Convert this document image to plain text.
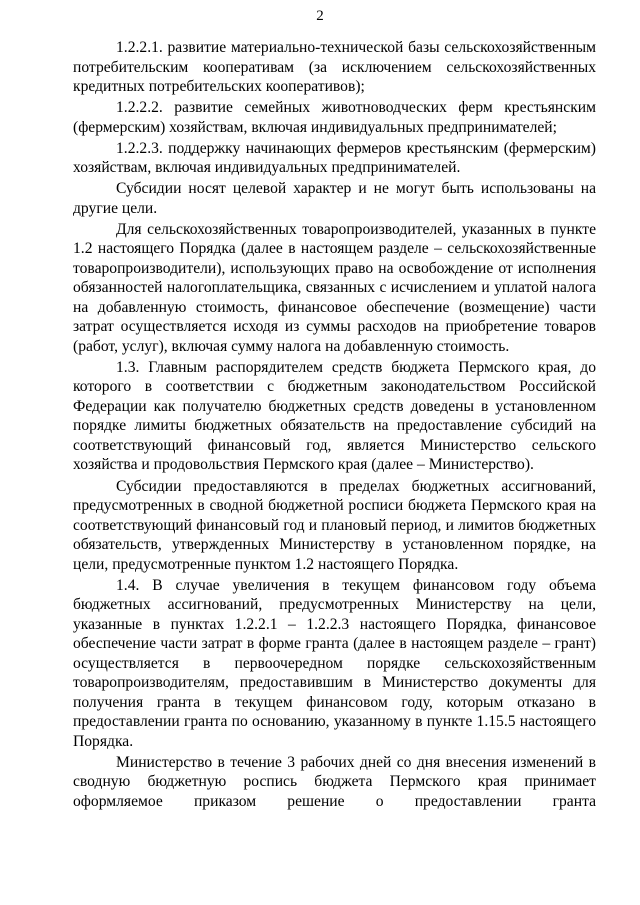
2

1.2.2.1. развитие материально-технической базы сельскохозяйственным потребительским кооперативам (за исключением сельскохозяйственных кредитных потребительских кооперативов);

1.2.2.2. развитие семейных животноводческих ферм крестьянским (фермерским) хозяйствам, включая индивидуальных предпринимателей;

1.2.2.3. поддержку начинающих фермеров крестьянским (фермерским) хозяйствам, включая индивидуальных предпринимателей.

Субсидии носят целевой характер и не могут быть использованы на другие цели.

Для сельскохозяйственных товаропроизводителей, указанных в пункте 1.2 настоящего Порядка (далее в настоящем разделе – сельскохозяйственные товаропроизводители), использующих право на освобождение от исполнения обязанностей налогоплательщика, связанных с исчислением и уплатой налога на добавленную стоимость, финансовое обеспечение (возмещение) части затрат осуществляется исходя из суммы расходов на приобретение товаров (работ, услуг), включая сумму налога на добавленную стоимость.

1.3. Главным распорядителем средств бюджета Пермского края, до которого в соответствии с бюджетным законодательством Российской Федерации как получателю бюджетных средств доведены в установленном порядке лимиты бюджетных обязательств на предоставление субсидий на соответствующий финансовый год, является Министерство сельского хозяйства и продовольствия Пермского края (далее – Министерство).

Субсидии предоставляются в пределах бюджетных ассигнований, предусмотренных в сводной бюджетной росписи бюджета Пермского края на соответствующий финансовый год и плановый период, и лимитов бюджетных обязательств, утвержденных Министерству в установленном порядке, на цели, предусмотренные пунктом 1.2 настоящего Порядка.

1.4. В случае увеличения в текущем финансовом году объема бюджетных ассигнований, предусмотренных Министерству на цели, указанные в пунктах 1.2.2.1 – 1.2.2.3 настоящего Порядка, финансовое обеспечение части затрат в форме гранта (далее в настоящем разделе – грант) осуществляется в первоочередном порядке сельскохозяйственным товаропроизводителям, предоставившим в Министерство документы для получения гранта в текущем финансовом году, которым отказано в предоставлении гранта по основанию, указанному в пункте 1.15.5 настоящего Порядка.

Министерство в течение 3 рабочих дней со дня внесения изменений в сводную бюджетную роспись бюджета Пермского края принимает оформляемое приказом решение о предоставлении гранта
